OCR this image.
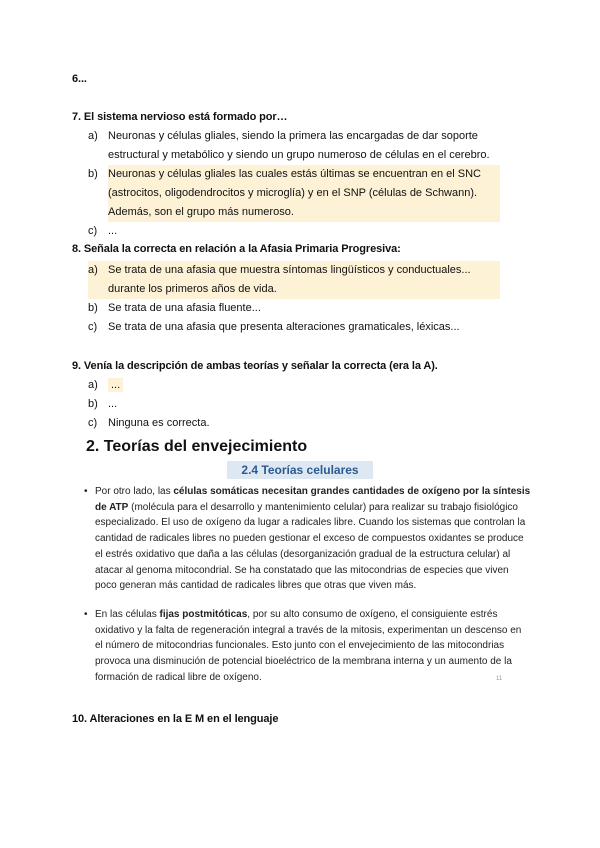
6...
7. El sistema nervioso está formado por…
a) Neuronas y células gliales, siendo la primera las encargadas de dar soporte estructural y metabólico y siendo un grupo numeroso de células en el cerebro.
b) Neuronas y células gliales las cuales estás últimas se encuentran en el SNC (astrocitos, oligodendrocitos y microglía) y en el SNP (células de Schwann). Además, son el grupo más numeroso.
c) ...
8. Señala la correcta en relación a la Afasia Primaria Progresiva:
a) Se trata de una afasia que muestra síntomas lingüísticos y conductuales... durante los primeros años de vida.
b) Se trata de una afasia fluente...
c) Se trata de una afasia que presenta alteraciones gramaticales, léxicas...
9. Venía la descripción de ambas teorías y señalar la correcta (era la A).
a)	...
b) ...
c) Ninguna es correcta.
2. Teorías del envejecimiento
2.4 Teorías celulares
• Por otro lado, las células somáticas necesitan grandes cantidades de oxígeno por la síntesis de ATP (molécula para el desarrollo y mantenimiento celular) para realizar su trabajo fisiológico especializado. El uso de oxígeno da lugar a radicales libre. Cuando los sistemas que controlan la cantidad de radicales libres no pueden gestionar el exceso de compuestos oxidantes se produce el estrés oxidativo que daña a las células (desorganización gradual de la estructura celular) al atacar al genoma mitocondrial. Se ha constatado que las mitocondrias de especies que viven poco generan más cantidad de radicales libres que otras que viven más.
• En las células fijas postmitóticas, por su alto consumo de oxígeno, el consiguiente estrés oxidativo y la falta de regeneración integral a través de la mitosis, experimentan un descenso en el número de mitocondrias funcionales. Esto junto con el envejecimiento de las mitocondrias provoca una disminución de potencial bioeléctrico de la membrana interna y un aumento de la formación de radical libre de oxígeno.	11
10. Alteraciones en la E M en el lenguaje
